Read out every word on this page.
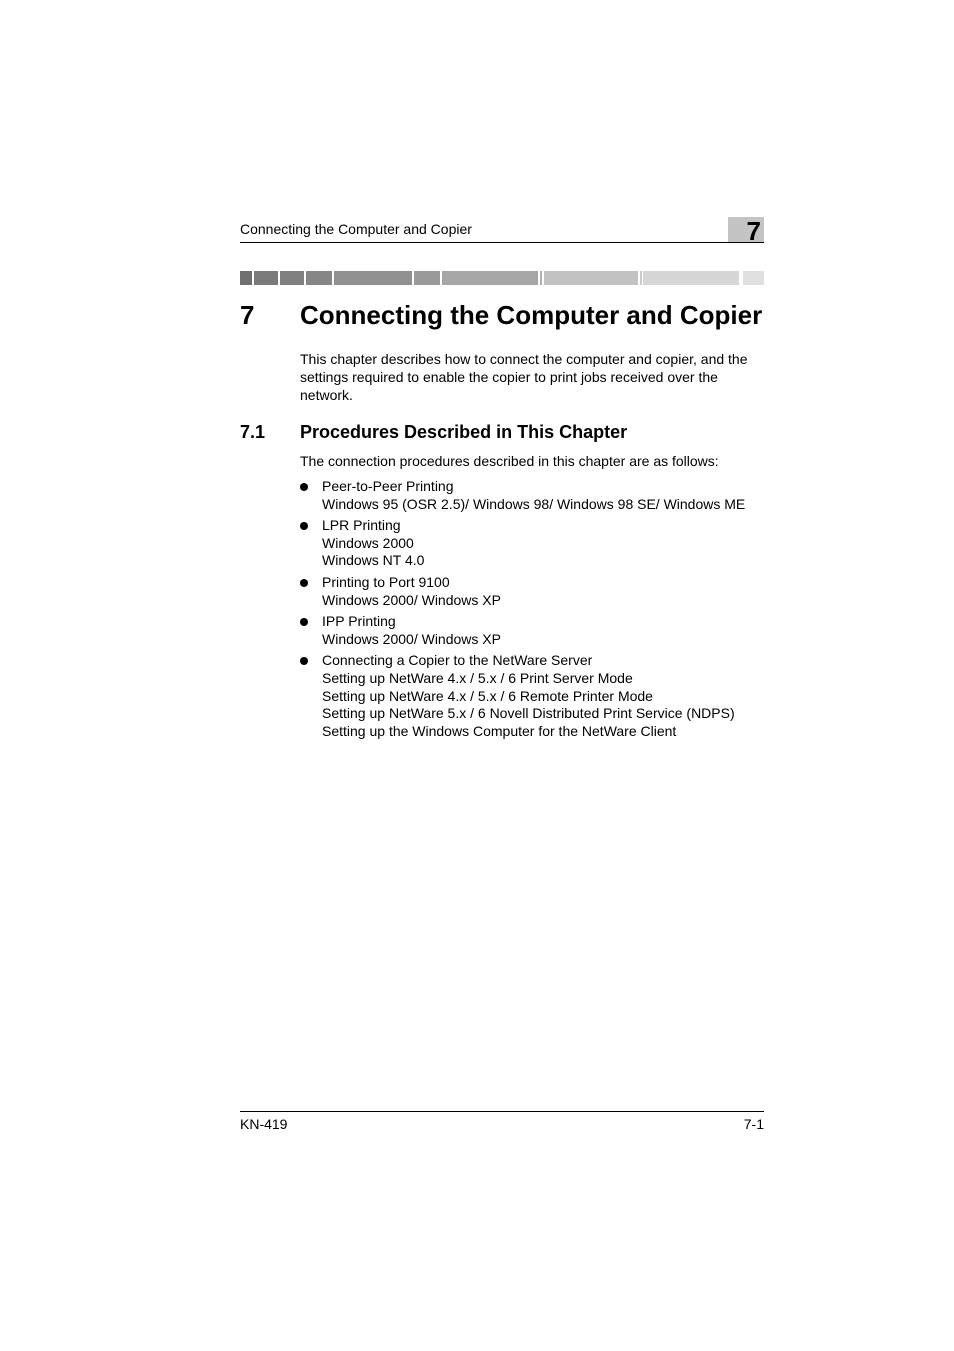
Connecting the Computer and Copier	7
7 Connecting the Computer and Copier

This chapter describes how to connect the computer and copier, and the settings required to enable the copier to print jobs received over the network.

7.1 Procedures Described in This Chapter

The connection procedures described in this chapter are as follows:

Peer-to-Peer Printing
Windows 95 (OSR 2.5)/ Windows 98/ Windows 98 SE/ Windows ME
LPR Printing
Windows 2000
Windows NT 4.0
Printing to Port 9100
Windows 2000/ Windows XP
IPP Printing
Windows 2000/ Windows XP
Connecting a Copier to the NetWare Server
Setting up NetWare 4.x / 5.x / 6 Print Server Mode
Setting up NetWare 4.x / 5.x / 6 Remote Printer Mode
Setting up NetWare 5.x / 6 Novell Distributed Print Service (NDPS)
Setting up the Windows Computer for the NetWare Client
KN-419	7-1
